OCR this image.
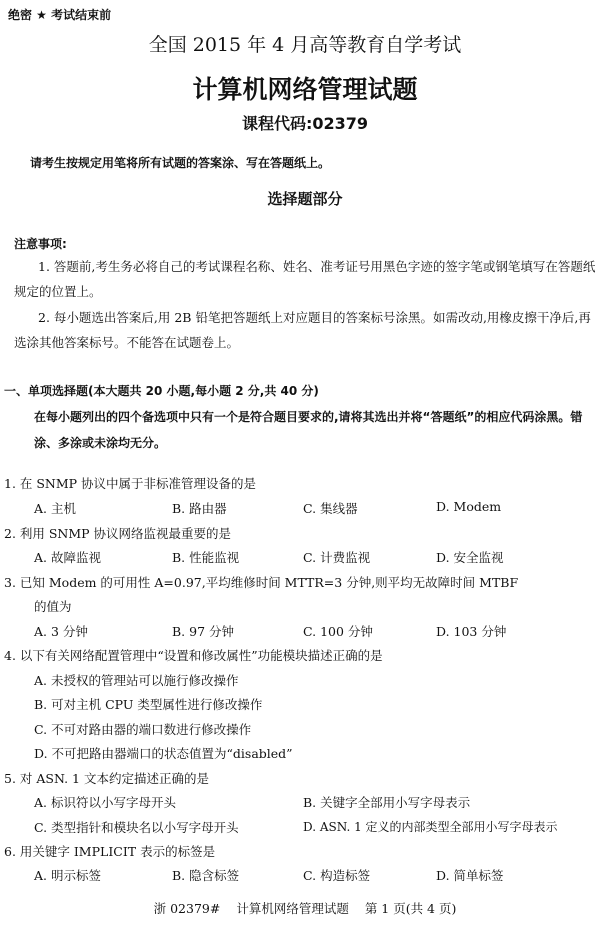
绝密 ★ 考试结束前
全国 2015 年 4 月高等教育自学考试
计算机网络管理试题
课程代码:02379
请考生按规定用笔将所有试题的答案涂、写在答题纸上。
选择题部分
注意事项:
1. 答题前,考生务必将自己的考试课程名称、姓名、准考证号用黑色字迹的签字笔或钢笔填写在答题纸规定的位置上。
2. 每小题选出答案后,用 2B 铅笔把答题纸上对应题目的答案标号涂黑。如需改动,用橡皮擦干净后,再选涂其他答案标号。不能答在试题卷上。
一、单项选择题(本大题共 20 小题,每小题 2 分,共 40 分)
在每小题列出的四个备选项中只有一个是符合题目要求的,请将其选出并将“答题纸”的相应代码涂黑。错涂、多涂或未涂均无分。
1. 在 SNMP 协议中属于非标准管理设备的是
A. 主机	B. 路由器	C. 集线器	D. Modem
2. 利用 SNMP 协议网络监视最重要的是
A. 故障监视	B. 性能监视	C. 计费监视	D. 安全监视
3. 已知 Modem 的可用性 A=0.97,平均维修时间 MTTR=3 分钟,则平均无故障时间 MTBF
的值为
A. 3 分钟	B. 97 分钟	C. 100 分钟	D. 103 分钟
4. 以下有关网络配置管理中“设置和修改属性”功能模块描述正确的是
A. 未授权的管理站可以施行修改操作
B. 可对主机 CPU 类型属性进行修改操作
C. 不可对路由器的端口数进行修改操作
D. 不可把路由器端口的状态值置为“disabled”
5. 对 ASN. 1 文本约定描述正确的是
A. 标识符以小写字母开头	B. 关键字全部用小写字母表示
C. 类型指针和模块名以小写字母开头	D. ASN. 1 定义的内部类型全部用小写字母表示
6. 用关键字 IMPLICIT 表示的标签是
A. 明示标签	B. 隐含标签	C. 构造标签	D. 简单标签
浙 02379# 计算机网络管理试题 第 1 页(共 4 页)
